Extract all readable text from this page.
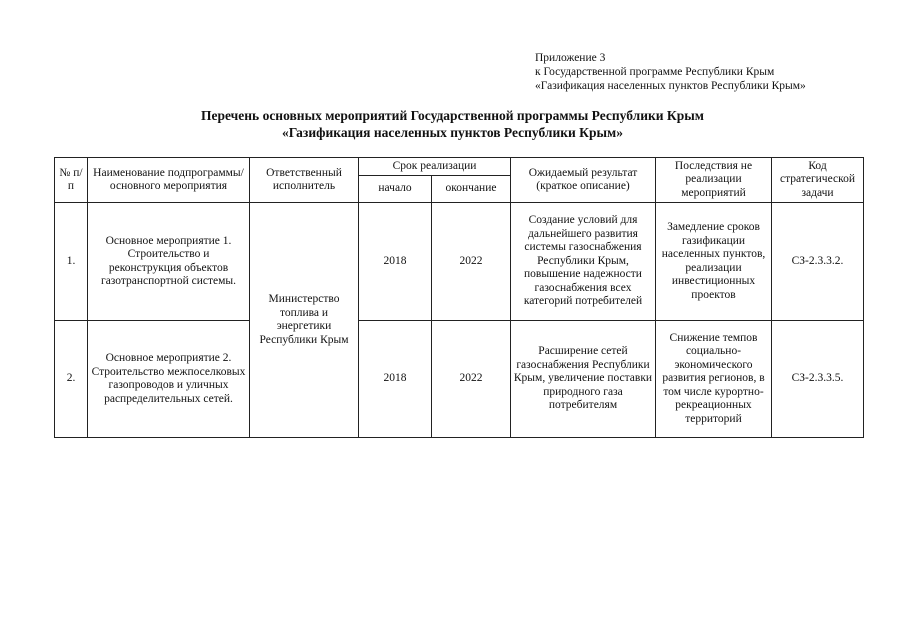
Приложение 3
к Государственной программе Республики Крым
«Газификация населенных пунктов Республики Крым»
Перечень основных мероприятий Государственной программы Республики Крым
«Газификация населенных пунктов Республики Крым»
№ п/п	Наименование подпрограммы/основного мероприятия	Ответственный исполнитель	Срок реализации		Ожидаемый результат (краткое описание)	Последствия не реализации мероприятий	Код стратегической задачи
			начало	окончание			
1.	Основное мероприятие 1. Строительство и реконструкция объектов газотранспортной системы.	Министерство топлива и энергетики Республики Крым	2018	2022	Создание условий для дальнейшего развития системы газоснабжения Республики Крым, повышение надежности газоснабжения всех категорий потребителей	Замедление сроков газификации населенных пунктов, реализации инвестиционных проектов	СЗ-2.3.3.2.
2.	Основное мероприятие 2. Строительство межпоселковых газопроводов и уличных распределительных сетей.		2018	2022	Расширение сетей газоснабжения Республики Крым, увеличение поставки природного газа потребителям	Снижение темпов социально-экономического развития регионов, в том числе курортно-рекреационных территорий	СЗ-2.3.3.5.
